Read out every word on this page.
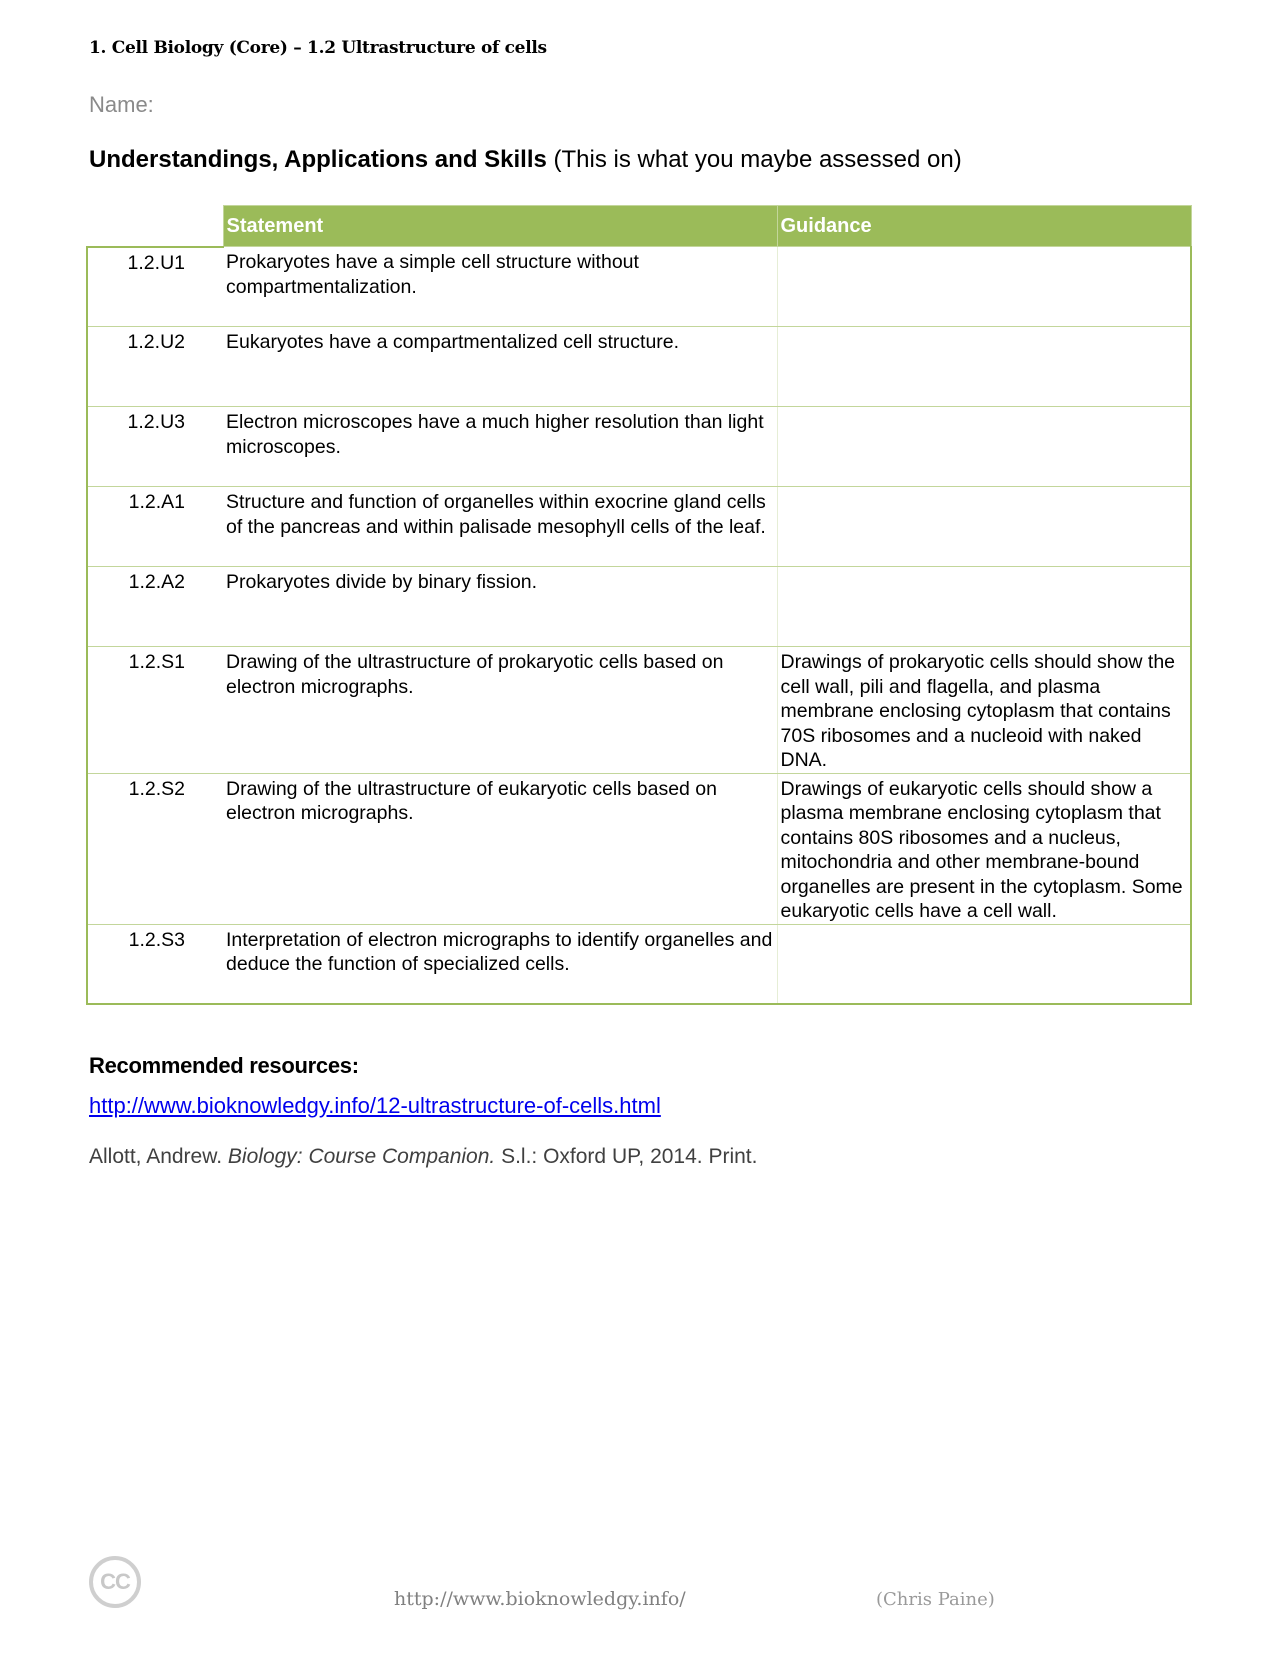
1. Cell Biology (Core) – 1.2 Ultrastructure of cells
Name:
Understandings, Applications and Skills (This is what you maybe assessed on)
	Statement	Guidance
1.2.U1	Prokaryotes have a simple cell structure without compartmentalization.	
1.2.U2	Eukaryotes have a compartmentalized cell structure.	
1.2.U3	Electron microscopes have a much higher resolution than light microscopes.	
1.2.A1	Structure and function of organelles within exocrine gland cells of the pancreas and within palisade mesophyll cells of the leaf.	
1.2.A2	Prokaryotes divide by binary fission.	
1.2.S1	Drawing of the ultrastructure of prokaryotic cells based on electron micrographs.	Drawings of prokaryotic cells should show the cell wall, pili and flagella, and plasma membrane enclosing cytoplasm that contains 70S ribosomes and a nucleoid with naked DNA.
1.2.S2	Drawing of the ultrastructure of eukaryotic cells based on electron micrographs.	Drawings of eukaryotic cells should show a plasma membrane enclosing cytoplasm that contains 80S ribosomes and a nucleus, mitochondria and other membrane-bound organelles are present in the cytoplasm. Some eukaryotic cells have a cell wall.
1.2.S3	Interpretation of electron micrographs to identify organelles and deduce the function of specialized cells.	
Recommended resources:
http://www.bioknowledgy.info/12-ultrastructure-of-cells.html
Allott, Andrew. Biology: Course Companion. S.l.: Oxford UP, 2014. Print.
CC
http://www.bioknowledgy.info/	(Chris Paine)
